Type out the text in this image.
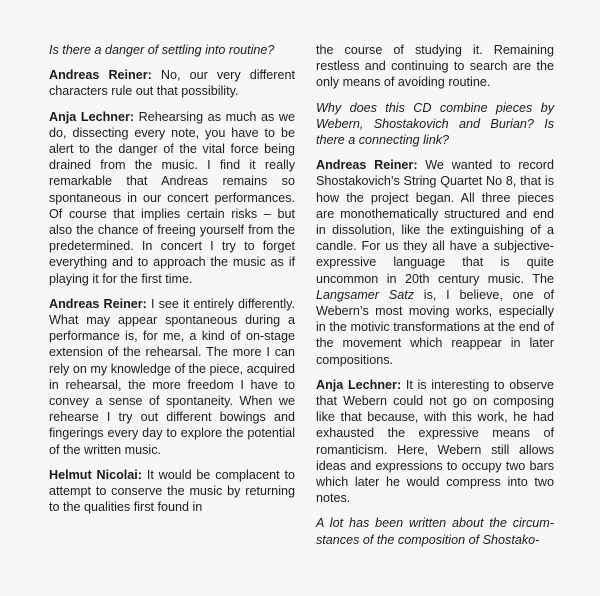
Is there a danger of settling into routine?

Andreas Reiner: No, our very different characters rule out that possibility.

Anja Lechner: Rehearsing as much as we do, dissecting every note, you have to be alert to the danger of the vital force being drained from the music. I find it really remarkable that Andreas remains so spontaneous in our concert performances. Of course that implies certain risks – but also the chance of freeing yourself from the predetermined. In concert I try to forget everything and to approach the music as if playing it for the first time.

Andreas Reiner: I see it entirely differently. What may appear spontaneous during a performance is, for me, a kind of on-stage extension of the rehearsal. The more I can rely on my knowledge of the piece, acquired in rehearsal, the more freedom I have to convey a sense of spontaneity. When we rehearse I try out different bowings and fingerings every day to explore the potential of the written music.

Helmut Nicolai: It would be complacent to attempt to conserve the music by returning to the qualities first found in

the course of studying it. Remaining restless and continuing to search are the only means of avoiding routine.

Why does this CD combine pieces by Webern, Shostakovich and Burian? Is there a connecting link?

Andreas Reiner: We wanted to record Shostakovich’s String Quartet No 8, that is how the project began. All three pieces are monothematically structured and end in dissolution, like the extinguishing of a candle. For us they all have a subjective-expressive language that is quite uncommon in 20th century music. The Langsamer Satz is, I believe, one of Webern’s most moving works, especially in the motivic transformations at the end of the movement which reappear in later compositions.

Anja Lechner: It is interesting to observe that Webern could not go on composing like that because, with this work, he had exhausted the expressive means of romanticism. Here, Webern still allows ideas and expressions to occupy two bars which later he would compress into two notes.

A lot has been written about the circumstances of the composition of Shostako-
